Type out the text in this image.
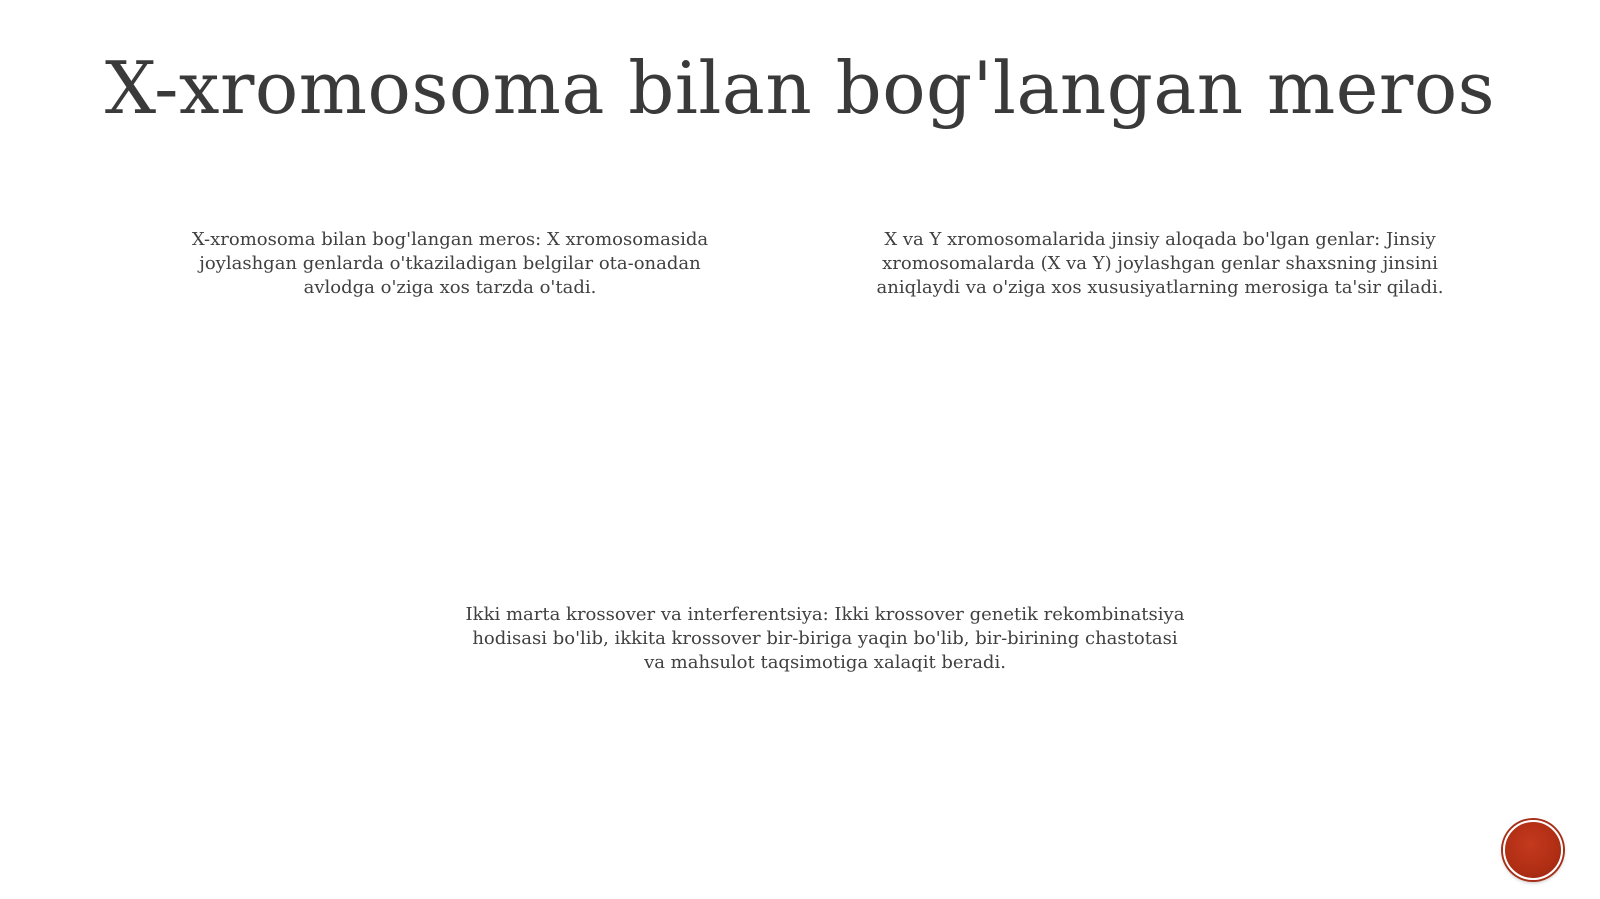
X-xromosoma bilan bog'langan meros
X-xromosoma bilan bog'langan meros: X xromosomasida joylashgan genlarda o'tkaziladigan belgilar ota-onadan avlodga o'ziga xos tarzda o'tadi.
X va Y xromosomalarida jinsiy aloqada bo'lgan genlar: Jinsiy xromosomalarda (X va Y) joylashgan genlar shaxsning jinsini aniqlaydi va o'ziga xos xususiyatlarning merosiga ta'sir qiladi.
Ikki marta krossover va interferentsiya: Ikki krossover genetik rekombinatsiya hodisasi bo'lib, ikkita krossover bir-biriga yaqin bo'lib, bir-birining chastotasi va mahsulot taqsimotiga xalaqit beradi.
